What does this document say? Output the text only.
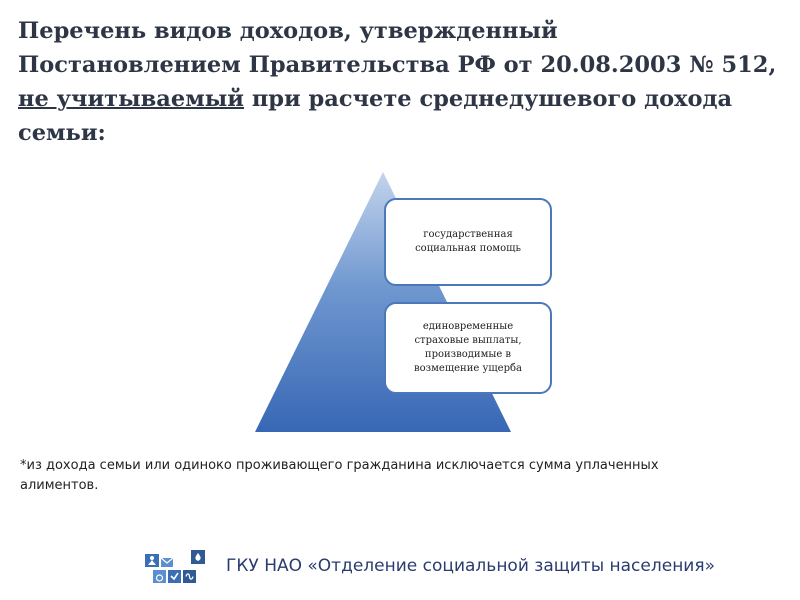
Перечень видов доходов, утвержденный Постановлением Правительства РФ от 20.08.2003 № 512, не учитываемый при расчете среднедушевого дохода семьи:
государственная социальная помощь
единовременные страховые выплаты, производимые в возмещение ущерба
*из дохода семьи или одиноко проживающего гражданина исключается сумма уплаченных алиментов.
ГКУ НАО «Отделение социальной защиты населения»
